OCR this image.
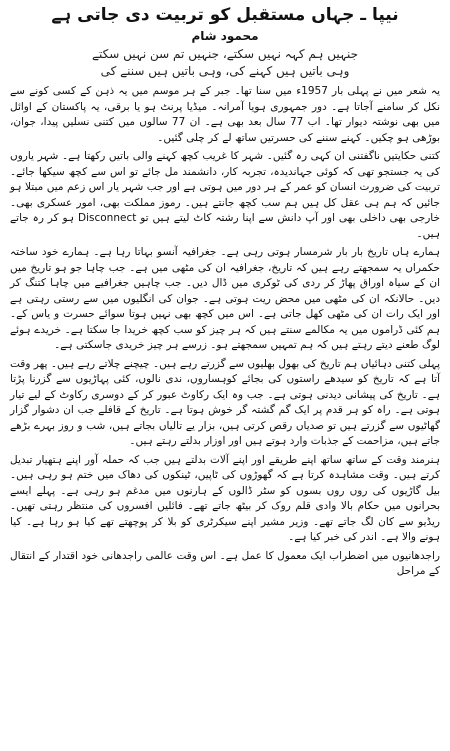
نیپا ـ جہاں مستقبل کو تربیت دی جاتی ہے
محمود شام
جنہیں ہم کہہ نہیں سکتے، جنہیں تم سن نہیں سکتے
وہی باتیں ہیں کہنے کی، وہی باتیں ہیں سننے کی

یہ شعر میں نے پہلی بار 1957ء میں سنا تھا۔ جبر کے ہر موسم میں یہ ذہن کے کسی کونے سے نکل کر سامنے آجاتا ہے۔ دور جمہوری ہویا آمرانہ۔ میڈیا پرنٹ ہو یا برقی، یہ پاکستان کے اوائل میں بھی نوشتہ دیوار تھا۔ اب 77 سال بعد بھی ہے۔ ان 77 سالوں میں کتنی نسلیں پیدا، جوان، بوڑھی ہو چکیں۔ کہنے سننے کی حسرتیں ساتھ لے کر چلی گئیں۔

کتنی حکایتیں ناگفتنی ان کہی رہ گئیں۔ شہر کا غریب کچھ کہنے والی باتیں رکھتا ہے۔ شہر یاروں کی یہ جستجو تھی کہ کوئی جہاندیدہ، تجربہ کار، دانشمند مل جائے تو اس سے کچھ سیکھا جائے۔ تربیت کی ضرورت انسان کو عمر کے ہر دور میں ہوتی ہے اور جب شہر یار اس زعم میں مبتلا ہو جائیں کہ ہم ہی عقل کل ہیں ہم سب کچھ جانتے ہیں۔ رموز مملکت بھی، امور عسکری بھی۔ خارجی بھی داخلی بھی اور آپ دانش سے اپنا رشتہ کاٹ لیتے ہیں تو Disconnect ہو کر رہ جاتے ہیں۔

ہمارے ہاں تاریخ بار بار شرمسار ہوتی رہی ہے۔ جغرافیہ آنسو بہاتا رہا ہے۔ ہمارے خود ساختہ حکمراں یہ سمجھتے رہے ہیں کہ تاریخ، جغرافیہ ان کی مٹھی میں ہے۔ جب چاہا جو ہو تاریخ میں ان کے سیاہ اوراق پھاڑ کر ردی کی ٹوکری میں ڈال دیں۔ جب چاہیں جغرافیے میں چاہا کتنگ کر دیں۔ حالانکہ ان کی مٹھی میں محض ریت ہوتی ہے۔ جوان کی انگلیوں میں سے رستی رہتی ہے اور ایک رات ان کی مٹھی کھل جاتی ہے۔ اس میں کچھ بھی نہیں ہوتا سوائے حسرت و یاس کے۔ ہم کئی ڈراموں میں یہ مکالمے سنتے ہیں کہ ہر چیز کو سب کچھ خریدا جا سکتا ہے۔ خریدے ہوئے لوگ طعنے دیتے رہتے ہیں کہ ہم تمہیں سمجھتے ہو۔ زرسے ہر چیز خریدی جاسکتی ہے۔

پہلی کتنی دہائیاں ہم تاریخ کی بھول بھلیوں سے گزرتے رہے ہیں۔ چیچنے چلاتے رہے ہیں۔ پھر وقت آتا ہے کہ تاریخ کو سیدھے راستوں کی بجائے کوہساروں، ندی نالوں، کئی پہاڑیوں سے گزرنا پڑتا ہے۔ تاریخ کی پیشانی دیدنی ہوتی ہے۔ جب وہ ایک رکاوٹ عبور کر کے دوسری رکاوٹ کے لیے تیار ہوتی ہے۔ راہ کو ہر قدم پر ایک گم گشتہ گر خوش ہوتا ہے۔ تاریخ کے قافلے جب ان دشوار گزار گھاٹیوں سے گزرتے ہیں تو صدیاں رقص کرتی ہیں، بزار یے تالیاں بجاتے ہیں، شب و روز بہرے بڑھے جاتے ہیں، مزاحمت کے جذبات وارد ہوتے ہیں اور اوزار بدلتے رہتے ہیں۔

ہنرمند وقت کے ساتھ ساتھ اپنے طریقے اور اپنے آلات بدلتے ہیں جب کہ حملہ آور اپنے ہتھیار تبدیل کرتے ہیں۔ وقت مشاہدہ کرتا ہے کہ گھوڑوں کی ٹاپیں، ٹینکوں کی دھاک میں ختم ہو رہی ہیں۔ بیل گاڑیوں کی روں روں بسوں کو سٹر ڈالوں کے ہارنوں میں مدغم ہو رہی ہے۔ پہلے ایسے بحرانوں میں حکام بالا وادی قلم روک کر بیٹھ جاتے تھے۔ فائلیں افسروں کی منتظر رہتی تھیں۔ ریڈیو سے کان لگ جاتے تھے۔ وزیر مشیر اپنے سیکرٹری کو بلا کر پوچھتے تھے کیا ہو رہا ہے۔ کیا ہونے والا ہے۔ اندر کی خبر کیا ہے۔

راجدھانیوں میں اضطراب ایک معمول کا عمل ہے۔ اس وقت عالمی راجدھانی خود اقتدار کے انتقال کے مراحل
